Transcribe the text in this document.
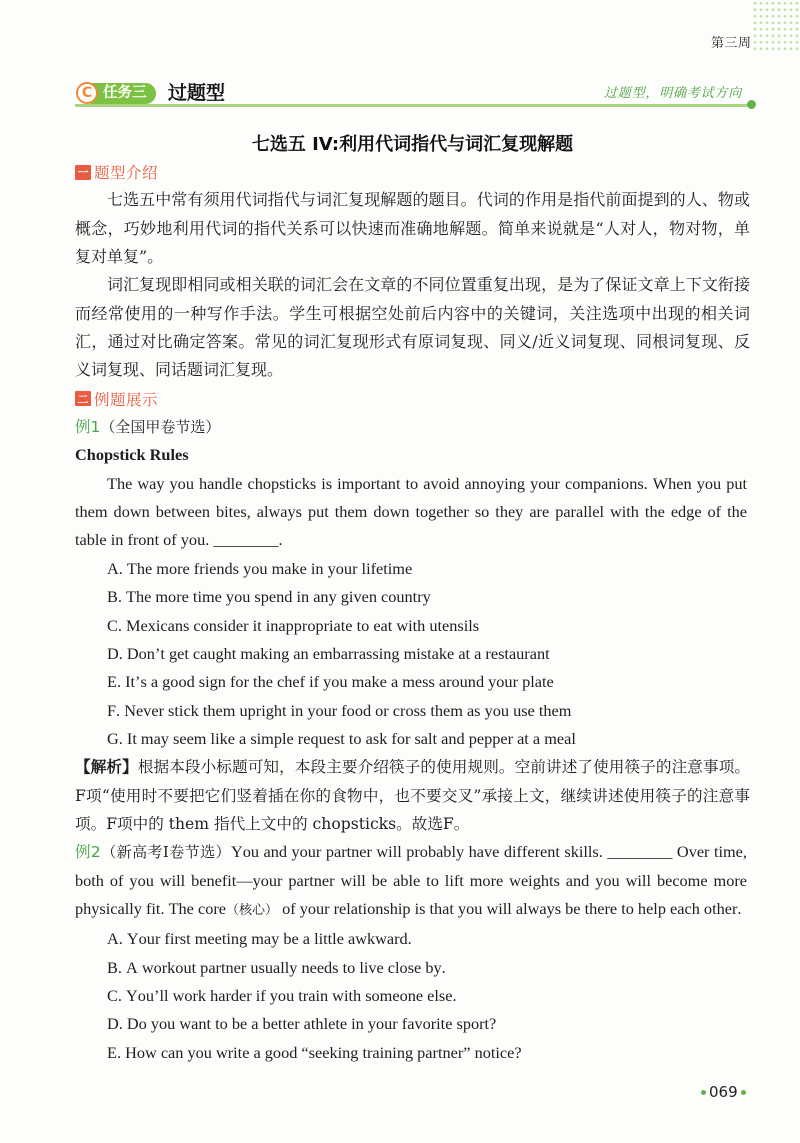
第三周
C 任务三	过题型	过题型，明确考试方向
七选五 IV:利用代词指代与词汇复现解题
一 题型介绍

七选五中常有须用代词指代与词汇复现解题的题目。代词的作用是指代前面提到的人、物或概念，巧妙地利用代词的指代关系可以快速而准确地解题。简单来说就是“人对人，物对物，单复对单复”。

词汇复现即相同或相关联的词汇会在文章的不同位置重复出现，是为了保证文章上下文衔接而经常使用的一种写作手法。学生可根据空处前后内容中的关键词，关注选项中出现的相关词汇，通过对比确定答案。常见的词汇复现形式有原词复现、同义/近义词复现、同根词复现、反义词复现、同话题词汇复现。

二 例题展示
例1（全国甲卷节选）
Chopstick Rules

The way you handle chopsticks is important to avoid annoying your companions. When you put them down between bites, always put them down together so they are parallel with the edge of the table in front of you. ________.

A. The more friends you make in your lifetime
B. The more time you spend in any given country
C. Mexicans consider it inappropriate to eat with utensils
D. Don’t get caught making an embarrassing mistake at a restaurant
E. It’s a good sign for the chef if you make a mess around your plate
F. Never stick them upright in your food or cross them as you use them
G. It may seem like a simple request to ask for salt and pepper at a meal

【解析】根据本段小标题可知，本段主要介绍筷子的使用规则。空前讲述了使用筷子的注意事项。F项“使用时不要把它们竖着插在你的食物中，也不要交叉”承接上文，继续讲述使用筷子的注意事项。F项中的 them 指代上文中的 chopsticks。故选F。

例2（新高考I卷节选）You and your partner will probably have different skills. ________ Over time, both of you will benefit—your partner will be able to lift more weights and you will become more physically fit. The core（核心） of your relationship is that you will always be there to help each other.

A. Your first meeting may be a little awkward.
B. A workout partner usually needs to live close by.
C. You’ll work harder if you train with someone else.
D. Do you want to be a better athlete in your favorite sport?
E. How can you write a good “seeking training partner” notice?
069
